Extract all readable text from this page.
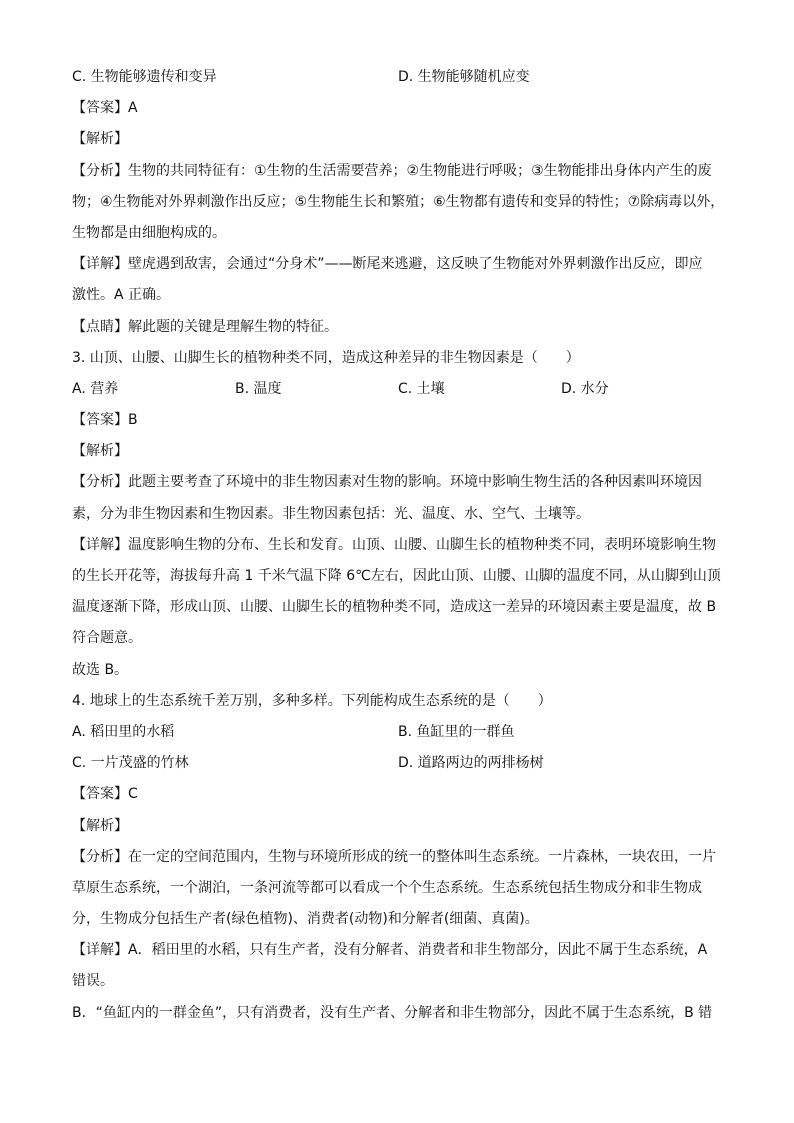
C. 生物能够遗传和变异	D. 生物能够随机应变
【答案】A
【解析】
【分析】生物的共同特征有：①生物的生活需要营养；②生物能进行呼吸；③生物能排出身体内产生的废
物；④生物能对外界刺激作出反应；⑤生物能生长和繁殖；⑥生物都有遗传和变异的特性；⑦除病毒以外，
生物都是由细胞构成的。
【详解】壁虎遇到敌害，会通过“分身术”——断尾来逃避，这反映了生物能对外界刺激作出反应，即应
激性。A 正确。
【点睛】解此题的关键是理解生物的特征。
3. 山顶、山腰、山脚生长的植物种类不同，造成这种差异的非生物因素是（　　）
A. 营养	B. 温度	C. 土壤	D. 水分
【答案】B
【解析】
【分析】此题主要考查了环境中的非生物因素对生物的影响。环境中影响生物生活的各种因素叫环境因
素，分为非生物因素和生物因素。非生物因素包括：光、温度、水、空气、土壤等。
【详解】温度影响生物的分布、生长和发育。山顶、山腰、山脚生长的植物种类不同，表明环境影响生物
的生长开花等，海拔每升高 1 千米气温下降 6℃左右，因此山顶、山腰、山脚的温度不同，从山脚到山顶
温度逐渐下降，形成山顶、山腰、山脚生长的植物种类不同，造成这一差异的环境因素主要是温度，故 B
符合题意。
故选 B。
4. 地球上的生态系统千差万别，多种多样。下列能构成生态系统的是（　　）
A. 稻田里的水稻	B. 鱼缸里的一群鱼
C. 一片茂盛的竹林	D. 道路两边的两排杨树
【答案】C
【解析】
【分析】在一定的空间范围内，生物与环境所形成的统一的整体叫生态系统。一片森林，一块农田，一片
草原生态系统，一个湖泊，一条河流等都可以看成一个个生态系统。生态系统包括生物成分和非生物成
分，生物成分包括生产者(绿色植物)、消费者(动物)和分解者(细菌、真菌)。
【详解】A．稻田里的水稻，只有生产者，没有分解者、消费者和非生物部分，因此不属于生态系统，A
错误。
B．“鱼缸内的一群金鱼”，只有消费者，没有生产者、分解者和非生物部分，因此不属于生态系统，B 错
